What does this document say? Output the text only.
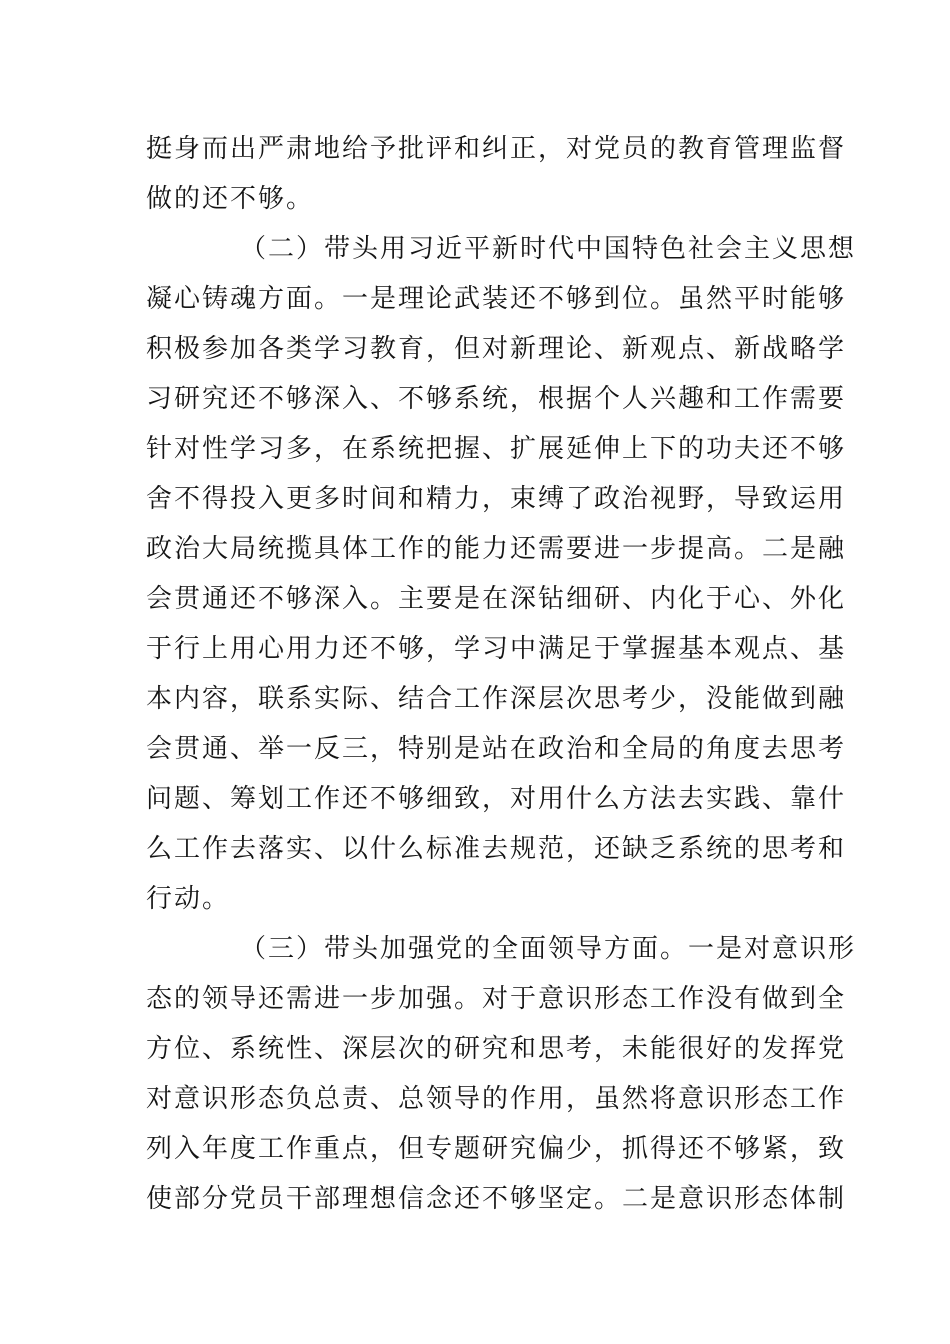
挺身而出严肃地给予批评和纠正，对党员的教育管理监督
做的还不够。
（二）带头用习近平新时代中国特色社会主义思想
凝心铸魂方面。一是理论武装还不够到位。虽然平时能够
积极参加各类学习教育，但对新理论、新观点、新战略学
习研究还不够深入、不够系统，根据个人兴趣和工作需要
针对性学习多，在系统把握、扩展延伸上下的功夫还不够
舍不得投入更多时间和精力，束缚了政治视野，导致运用
政治大局统揽具体工作的能力还需要进一步提高。二是融
会贯通还不够深入。主要是在深钻细研、内化于心、外化
于行上用心用力还不够，学习中满足于掌握基本观点、基
本内容，联系实际、结合工作深层次思考少，没能做到融
会贯通、举一反三，特别是站在政治和全局的角度去思考
问题、筹划工作还不够细致，对用什么方法去实践、靠什
么工作去落实、以什么标准去规范，还缺乏系统的思考和
行动。
（三）带头加强党的全面领导方面。一是对意识形
态的领导还需进一步加强。对于意识形态工作没有做到全
方位、系统性、深层次的研究和思考，未能很好的发挥党
对意识形态负总责、总领导的作用，虽然将意识形态工作
列入年度工作重点，但专题研究偏少，抓得还不够紧，致
使部分党员干部理想信念还不够坚定。二是意识形态体制
